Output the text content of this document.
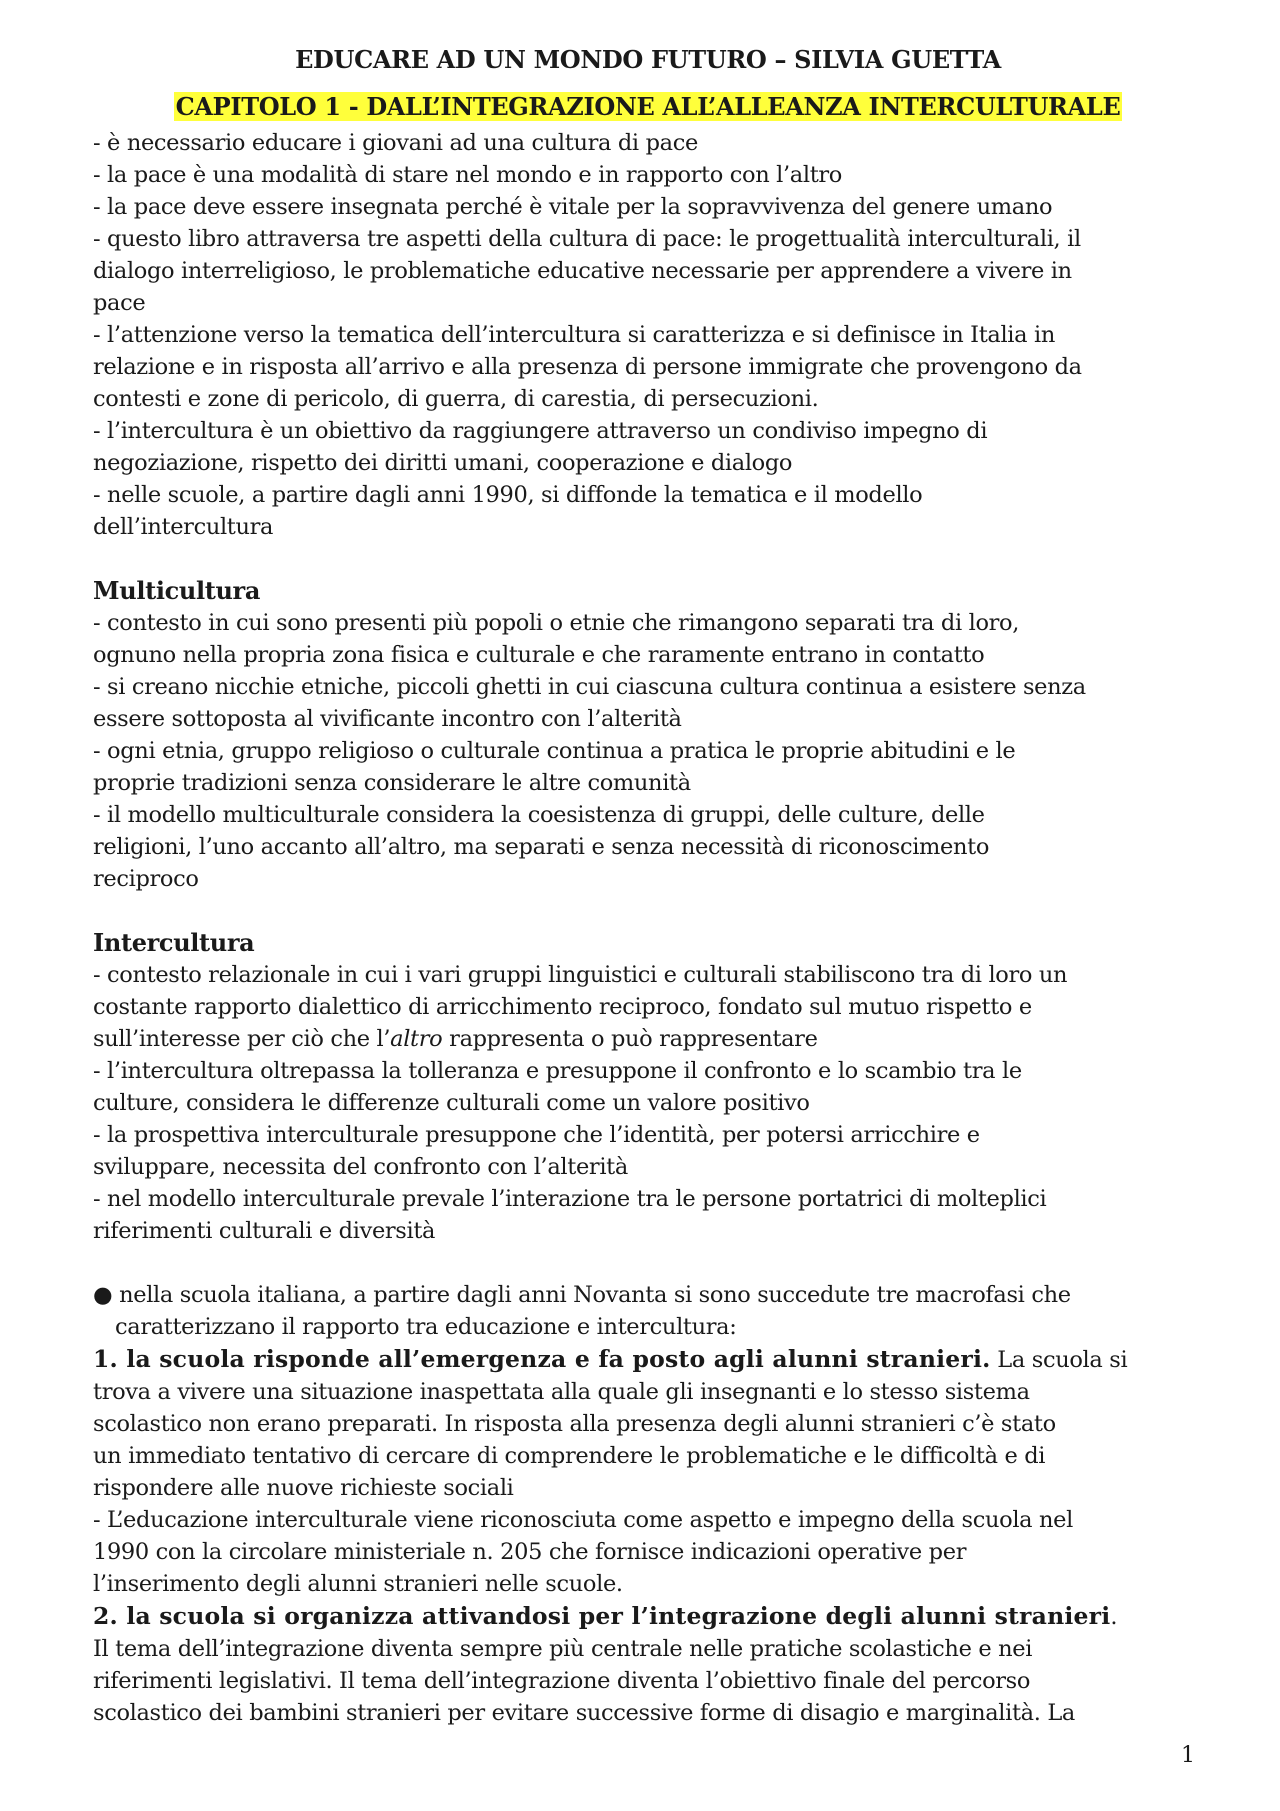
EDUCARE AD UN MONDO FUTURO – SILVIA GUETTA

CAPITOLO 1 - DALL’INTEGRAZIONE ALL’ALLEANZA INTERCULTURALE

- è necessario educare i giovani ad una cultura di pace

- la pace è una modalità di stare nel mondo e in rapporto con l’altro

- la pace deve essere insegnata perché è vitale per la sopravvivenza del genere umano

- questo libro attraversa tre aspetti della cultura di pace: le progettualità interculturali, il

dialogo interreligioso, le problematiche educative necessarie per apprendere a vivere in

pace

- l’attenzione verso la tematica dell’intercultura si caratterizza e si definisce in Italia in

relazione e in risposta all’arrivo e alla presenza di persone immigrate che provengono da

contesti e zone di pericolo, di guerra, di carestia, di persecuzioni.

- l’intercultura è un obiettivo da raggiungere attraverso un condiviso impegno di

negoziazione, rispetto dei diritti umani, cooperazione e dialogo

- nelle scuole, a partire dagli anni 1990, si diffonde la tematica e il modello

dell’intercultura

Multicultura

- contesto in cui sono presenti più popoli o etnie che rimangono separati tra di loro,

ognuno nella propria zona fisica e culturale e che raramente entrano in contatto

- si creano nicchie etniche, piccoli ghetti in cui ciascuna cultura continua a esistere senza

essere sottoposta al vivificante incontro con l’alterità

- ogni etnia, gruppo religioso o culturale continua a pratica le proprie abitudini e le

proprie tradizioni senza considerare le altre comunità

- il modello multiculturale considera la coesistenza di gruppi, delle culture, delle

religioni, l’uno accanto all’altro, ma separati e senza necessità di riconoscimento

reciproco

Intercultura

- contesto relazionale in cui i vari gruppi linguistici e culturali stabiliscono tra di loro un

costante rapporto dialettico di arricchimento reciproco, fondato sul mutuo rispetto e

sull’interesse per ciò che l’altro rappresenta o può rappresentare

- l’intercultura oltrepassa la tolleranza e presuppone il confronto e lo scambio tra le

culture, considera le differenze culturali come un valore positivo

- la prospettiva interculturale presuppone che l’identità, per potersi arricchire e

svilupparе, necessita del confronto con l’alterità

- nel modello interculturale prevale l’interazione tra le persone portatrici di molteplici

riferimenti culturali e diversità

● nella scuola italiana, a partire dagli anni Novanta si sono succedute tre macrofasi che

caratterizzano il rapporto tra educazione e intercultura:

1. la scuola risponde all’emergenza e fa posto agli alunni stranieri. La scuola si

trova a vivere una situazione inaspettata alla quale gli insegnanti e lo stesso sistema

scolastico non erano preparati. In risposta alla presenza degli alunni stranieri c’è stato

un immediato tentativo di cercare di comprendere le problematiche e le difficoltà e di

rispondere alle nuove richieste sociali

- L’educazione interculturale viene riconosciuta come aspetto e impegno della scuola nel

1990 con la circolare ministeriale n. 205 che fornisce indicazioni operative per

l’inserimento degli alunni stranieri nelle scuole.

2. la scuola si organizza attivandosi per l’integrazione degli alunni stranieri.

Il tema dell’integrazione diventa sempre più centrale nelle pratiche scolastiche e nei

riferimenti legislativi. Il tema dell’integrazione diventa l’obiettivo finale del percorso

scolastico dei bambini stranieri per evitare successive forme di disagio e marginalità. La

1
